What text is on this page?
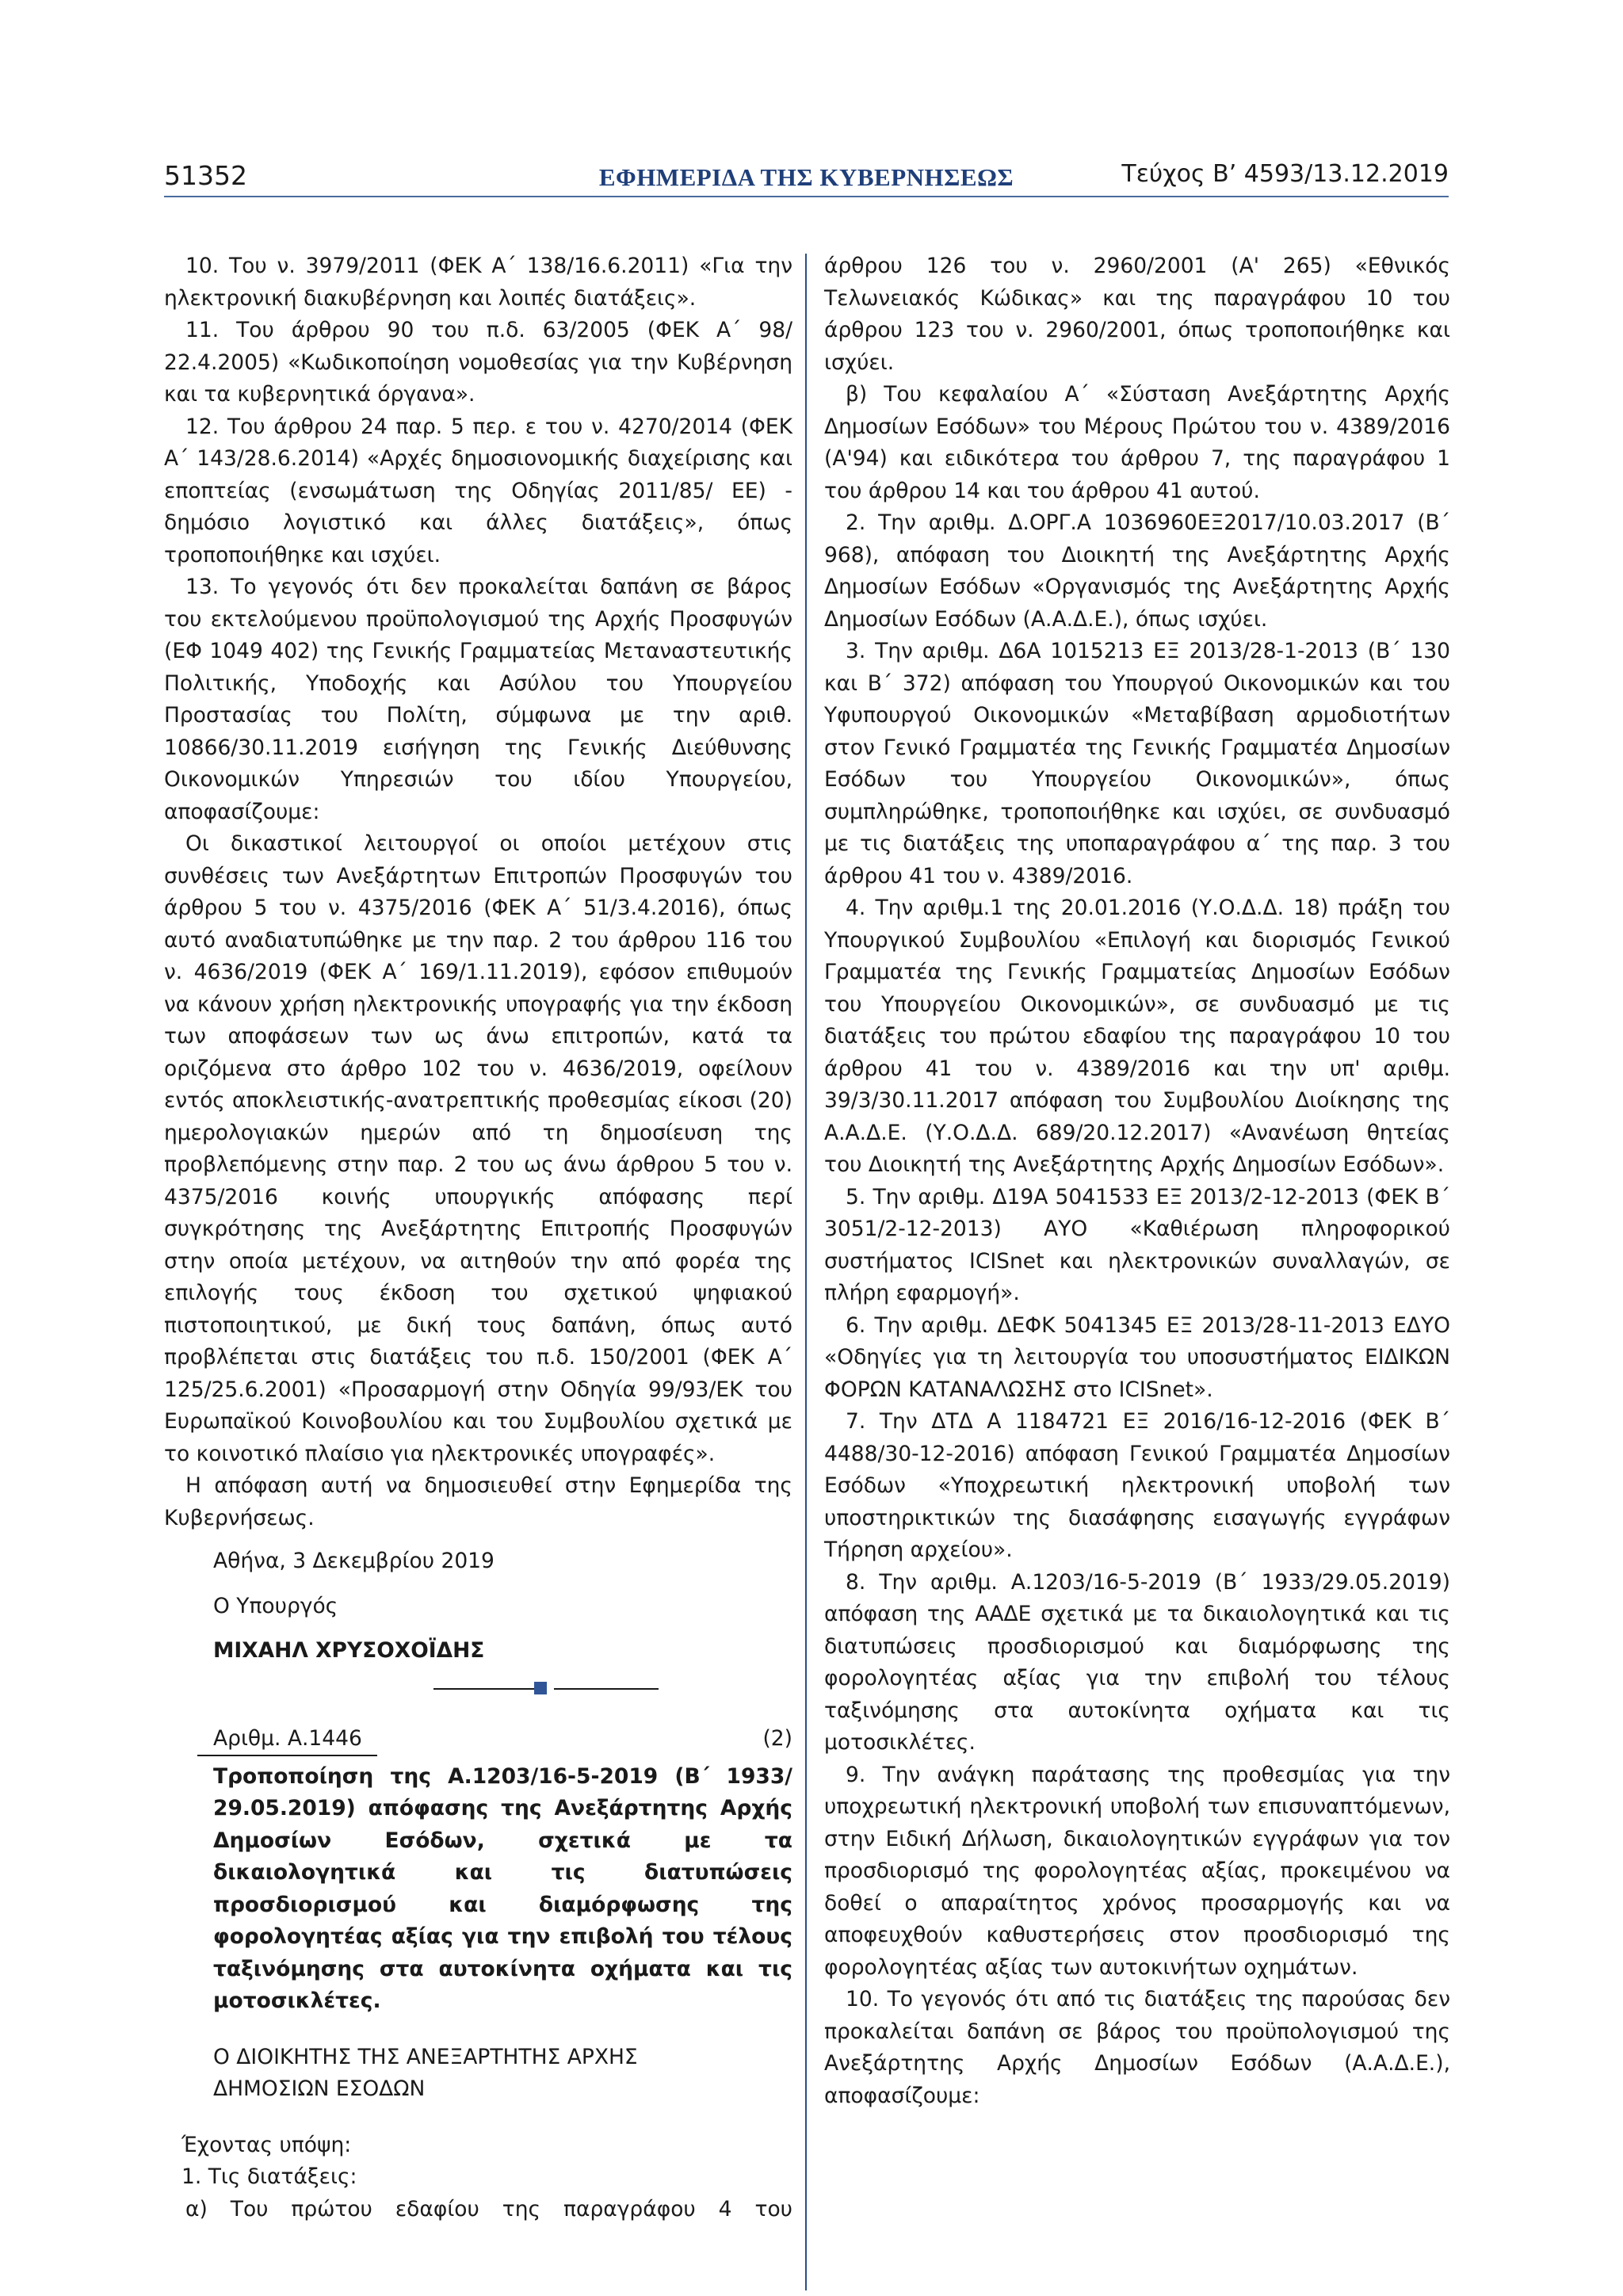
51352	ΕΦΗΜΕΡΙΔΑ ΤΗΣ ΚΥΒΕΡΝΗΣΕΩΣ	Τεύχος Β’ 4593/13.12.2019

10. Του ν. 3979/2011 (ΦΕΚ Α΄ 138/16.6.2011) «Για την ηλεκτρονική διακυβέρνηση και λοιπές διατάξεις».

11. Του άρθρου 90 του π.δ. 63/2005 (ΦΕΚ Α΄ 98/ 22.4.2005) «Κωδικοποίηση νομοθεσίας για την Κυβέρνηση και τα κυβερνητικά όργανα».

12. Του άρθρου 24 παρ. 5 περ. ε του ν. 4270/2014 (ΦΕΚ Α΄ 143/28.6.2014) «Αρχές δημοσιονομικής διαχείρισης και εποπτείας (ενσωμάτωση της Οδηγίας 2011/85/ ΕΕ) - δημόσιο λογιστικό και άλλες διατάξεις», όπως τροποποιήθηκε και ισχύει.

13. Το γεγονός ότι δεν προκαλείται δαπάνη σε βάρος του εκτελούμενου προϋπολογισμού της Αρχής Προσφυγών (ΕΦ 1049 402) της Γενικής Γραμματείας Μεταναστευτικής Πολιτικής, Υποδοχής και Ασύλου του Υπουργείου Προστασίας του Πολίτη, σύμφωνα με την αριθ. 10866/30.11.2019 εισήγηση της Γενικής Διεύθυνσης Οικονομικών Υπηρεσιών του ιδίου Υπουργείου, αποφασίζουμε:

Οι δικαστικοί λειτουργοί οι οποίοι μετέχουν στις συνθέσεις των Ανεξάρτητων Επιτροπών Προσφυγών του άρθρου 5 του ν. 4375/2016 (ΦΕΚ Α΄ 51/3.4.2016), όπως αυτό αναδιατυπώθηκε με την παρ. 2 του άρθρου 116 του ν. 4636/2019 (ΦΕΚ Α΄ 169/1.11.2019), εφόσον επιθυμούν να κάνουν χρήση ηλεκτρονικής υπογραφής για την έκδοση των αποφάσεων των ως άνω επιτροπών, κατά τα οριζόμενα στο άρθρο 102 του ν. 4636/2019, οφείλουν εντός αποκλειστικής-ανατρεπτικής προθεσμίας είκοσι (20) ημερολογιακών ημερών από τη δημοσίευση της προβλεπόμενης στην παρ. 2 του ως άνω άρθρου 5 του ν. 4375/2016 κοινής υπουργικής απόφασης περί συγκρότησης της Ανεξάρτητης Επιτροπής Προσφυγών στην οποία μετέχουν, να αιτηθούν την από φορέα της επιλογής τους έκδοση του σχετικού ψηφιακού πιστοποιητικού, με δική τους δαπάνη, όπως αυτό προβλέπεται στις διατάξεις του π.δ. 150/2001 (ΦΕΚ Α΄ 125/25.6.2001) «Προσαρμογή στην Οδηγία 99/93/ΕΚ του Ευρωπαϊκού Κοινοβουλίου και του Συμβουλίου σχετικά με το κοινοτικό πλαίσιο για ηλεκτρονικές υπογραφές».

Η απόφαση αυτή να δημοσιευθεί στην Εφημερίδα της Κυβερνήσεως.

Αθήνα, 3 Δεκεμβρίου 2019
Ο Υπουργός
ΜΙΧΑΗΛ ΧΡΥΣΟΧΟΪΔΗΣ
Αριθμ. Α.1446	(2)
Τροποποίηση της Α.1203/16-5-2019 (Β΄ 1933/ 29.05.2019) απόφασης της Ανεξάρτητης Αρχής Δημοσίων Εσόδων, σχετικά με τα δικαιολογητικά και τις διατυπώσεις προσδιορισμού και διαμόρφωσης της φορολογητέας αξίας για την επιβολή του τέλους ταξινόμησης στα αυτοκίνητα οχήματα και τις μοτοσικλέτες.
Ο ΔΙΟΙΚΗΤΗΣ ΤΗΣ ΑΝΕΞΑΡΤΗΤΗΣ ΑΡΧΗΣ
ΔΗΜΟΣΙΩΝ ΕΣΟΔΩΝ
Έχοντας υπόψη:
1. Τις διατάξεις:

α) Του πρώτου εδαφίου της παραγράφου 4 του

άρθρου 126 του ν. 2960/2001 (Α' 265) «Εθνικός Τελωνειακός Κώδικας» και της παραγράφου 10 του άρθρου 123 του ν. 2960/2001, όπως τροποποιήθηκε και ισχύει.

β) Του κεφαλαίου Α΄ «Σύσταση Ανεξάρτητης Αρχής Δημοσίων Εσόδων» του Μέρους Πρώτου του ν. 4389/2016 (Α'94) και ειδικότερα του άρθρου 7, της παραγράφου 1 του άρθρου 14 και του άρθρου 41 αυτού.

2. Την αριθμ. Δ.ΟΡΓ.Α 1036960ΕΞ2017/10.03.2017 (Β΄ 968), απόφαση του Διοικητή της Ανεξάρτητης Αρχής Δημοσίων Εσόδων «Οργανισμός της Ανεξάρτητης Αρχής Δημοσίων Εσόδων (Α.Α.Δ.Ε.), όπως ισχύει.

3. Την αριθμ. Δ6Α 1015213 ΕΞ 2013/28-1-2013 (Β΄ 130 και Β΄ 372) απόφαση του Υπουργού Οικονομικών και του Υφυπουργού Οικονομικών «Μεταβίβαση αρμοδιοτήτων στον Γενικό Γραμματέα της Γενικής Γραμματέα Δημοσίων Εσόδων του Υπουργείου Οικονομικών», όπως συμπληρώθηκε, τροποποιήθηκε και ισχύει, σε συνδυασμό με τις διατάξεις της υποπαραγράφου α΄ της παρ. 3 του άρθρου 41 του ν. 4389/2016.

4. Την αριθμ.1 της 20.01.2016 (Υ.Ο.Δ.Δ. 18) πράξη του Υπουργικού Συμβουλίου «Επιλογή και διορισμός Γενικού Γραμματέα της Γενικής Γραμματείας Δημοσίων Εσόδων του Υπουργείου Οικονομικών», σε συνδυασμό με τις διατάξεις του πρώτου εδαφίου της παραγράφου 10 του άρθρου 41 του ν. 4389/2016 και την υπ' αριθμ. 39/3/30.11.2017 απόφαση του Συμβουλίου Διοίκησης της Α.Α.Δ.Ε. (Υ.Ο.Δ.Δ. 689/20.12.2017) «Ανανέωση θητείας του Διοικητή της Ανεξάρτητης Αρχής Δημοσίων Εσόδων».

5. Την αριθμ. Δ19Α 5041533 ΕΞ 2013/2-12-2013 (ΦΕΚ Β΄ 3051/2-12-2013) ΑΥΟ «Καθιέρωση πληροφορικού συστήματος ICISnet και ηλεκτρονικών συναλλαγών, σε πλήρη εφαρμογή».

6. Την αριθμ. ΔΕΦΚ 5041345 ΕΞ 2013/28-11-2013 ΕΔΥΟ «Οδηγίες για τη λειτουργία του υποσυστήματος ΕΙΔΙΚΩΝ ΦΟΡΩΝ ΚΑΤΑΝΑΛΩΣΗΣ στο ICISnet».

7. Την ΔΤΔ Α 1184721 ΕΞ 2016/16-12-2016 (ΦΕΚ Β΄ 4488/30-12-2016) απόφαση Γενικού Γραμματέα Δημοσίων Εσόδων «Υποχρεωτική ηλεκτρονική υποβολή των υποστηρικτικών της διασάφησης εισαγωγής εγγράφων Τήρηση αρχείου».

8. Την αριθμ. Α.1203/16-5-2019 (Β΄ 1933/29.05.2019) απόφαση της ΑΑΔΕ σχετικά με τα δικαιολογητικά και τις διατυπώσεις προσδιορισμού και διαμόρφωσης της φορολογητέας αξίας για την επιβολή του τέλους ταξινόμησης στα αυτοκίνητα οχήματα και τις μοτοσικλέτες.

9. Την ανάγκη παράτασης της προθεσμίας για την υποχρεωτική ηλεκτρονική υποβολή των επισυναπτόμενων, στην Ειδική Δήλωση, δικαιολογητικών εγγράφων για τον προσδιορισμό της φορολογητέας αξίας, προκειμένου να δοθεί ο απαραίτητος χρόνος προσαρμογής και να αποφευχθούν καθυστερήσεις στον προσδιορισμό της φορολογητέας αξίας των αυτοκινήτων οχημάτων.

10. Το γεγονός ότι από τις διατάξεις της παρούσας δεν προκαλείται δαπάνη σε βάρος του προϋπολογισμού της Ανεξάρτητης Αρχής Δημοσίων Εσόδων (Α.Α.Δ.Ε.), αποφασίζουμε:
